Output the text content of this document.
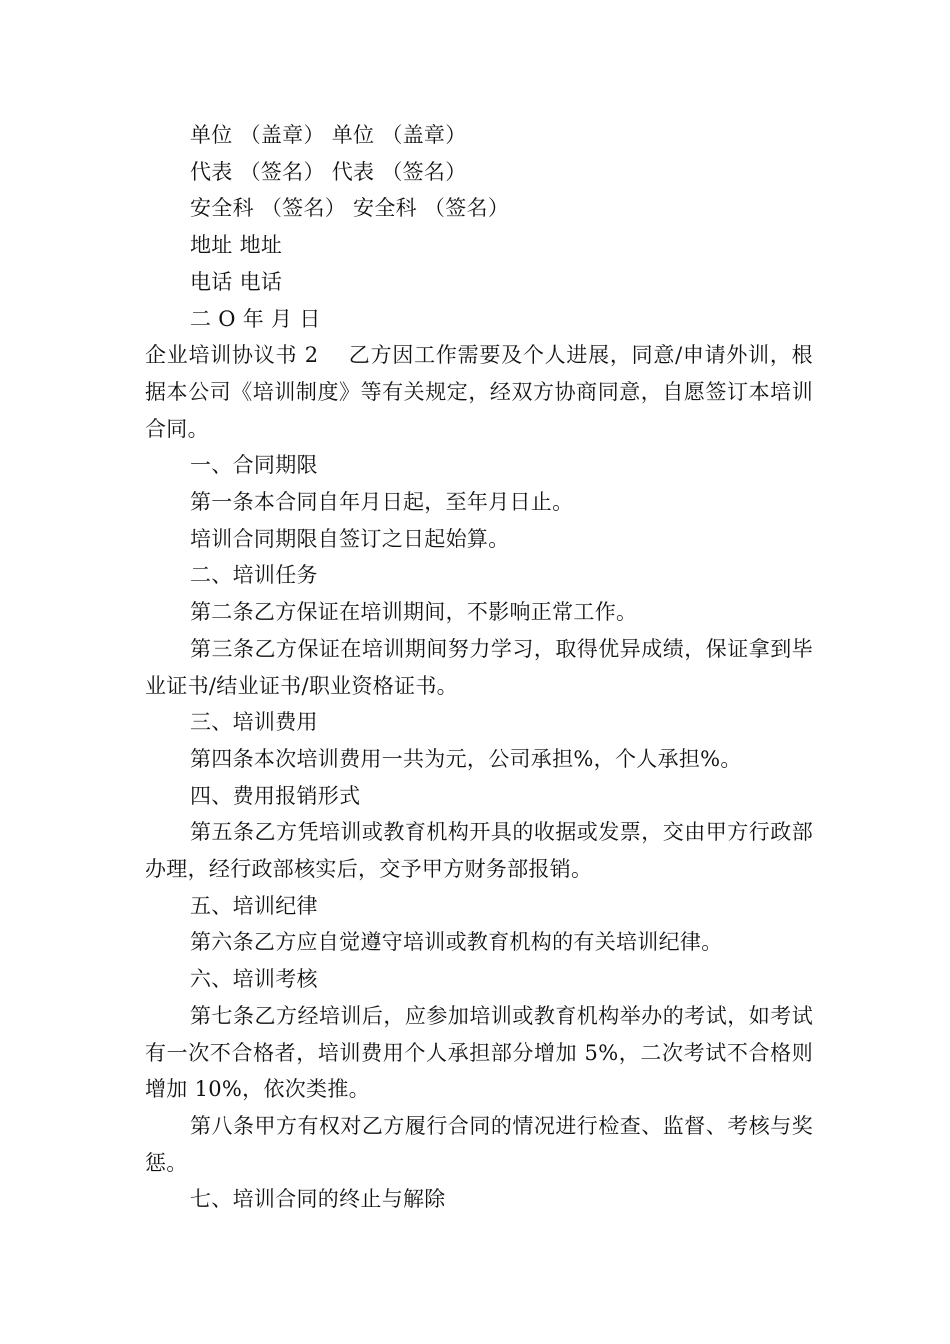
单位 （盖章） 单位 （盖章）

代表 （签名） 代表 （签名）

安全科 （签名） 安全科 （签名）

地址 地址

电话 电话

二 O 年 月 日

企业培训协议书 2 乙方因工作需要及个人进展，同意/申请外训，根据本公司《培训制度》等有关规定，经双方协商同意，自愿签订本培训合同。

一、合同期限

第一条本合同自年月日起，至年月日止。

培训合同期限自签订之日起始算。

二、培训任务

第二条乙方保证在培训期间，不影响正常工作。

第三条乙方保证在培训期间努力学习，取得优异成绩，保证拿到毕业证书/结业证书/职业资格证书。

三、培训费用

第四条本次培训费用一共为元，公司承担%，个人承担%。

四、费用报销形式

第五条乙方凭培训或教育机构开具的收据或发票，交由甲方行政部办理，经行政部核实后，交予甲方财务部报销。

五、培训纪律

第六条乙方应自觉遵守培训或教育机构的有关培训纪律。

六、培训考核

第七条乙方经培训后，应参加培训或教育机构举办的考试，如考试有一次不合格者，培训费用个人承担部分增加 5%，二次考试不合格则增加 10%，依次类推。

第八条甲方有权对乙方履行合同的情况进行检查、监督、考核与奖惩。

七、培训合同的终止与解除
